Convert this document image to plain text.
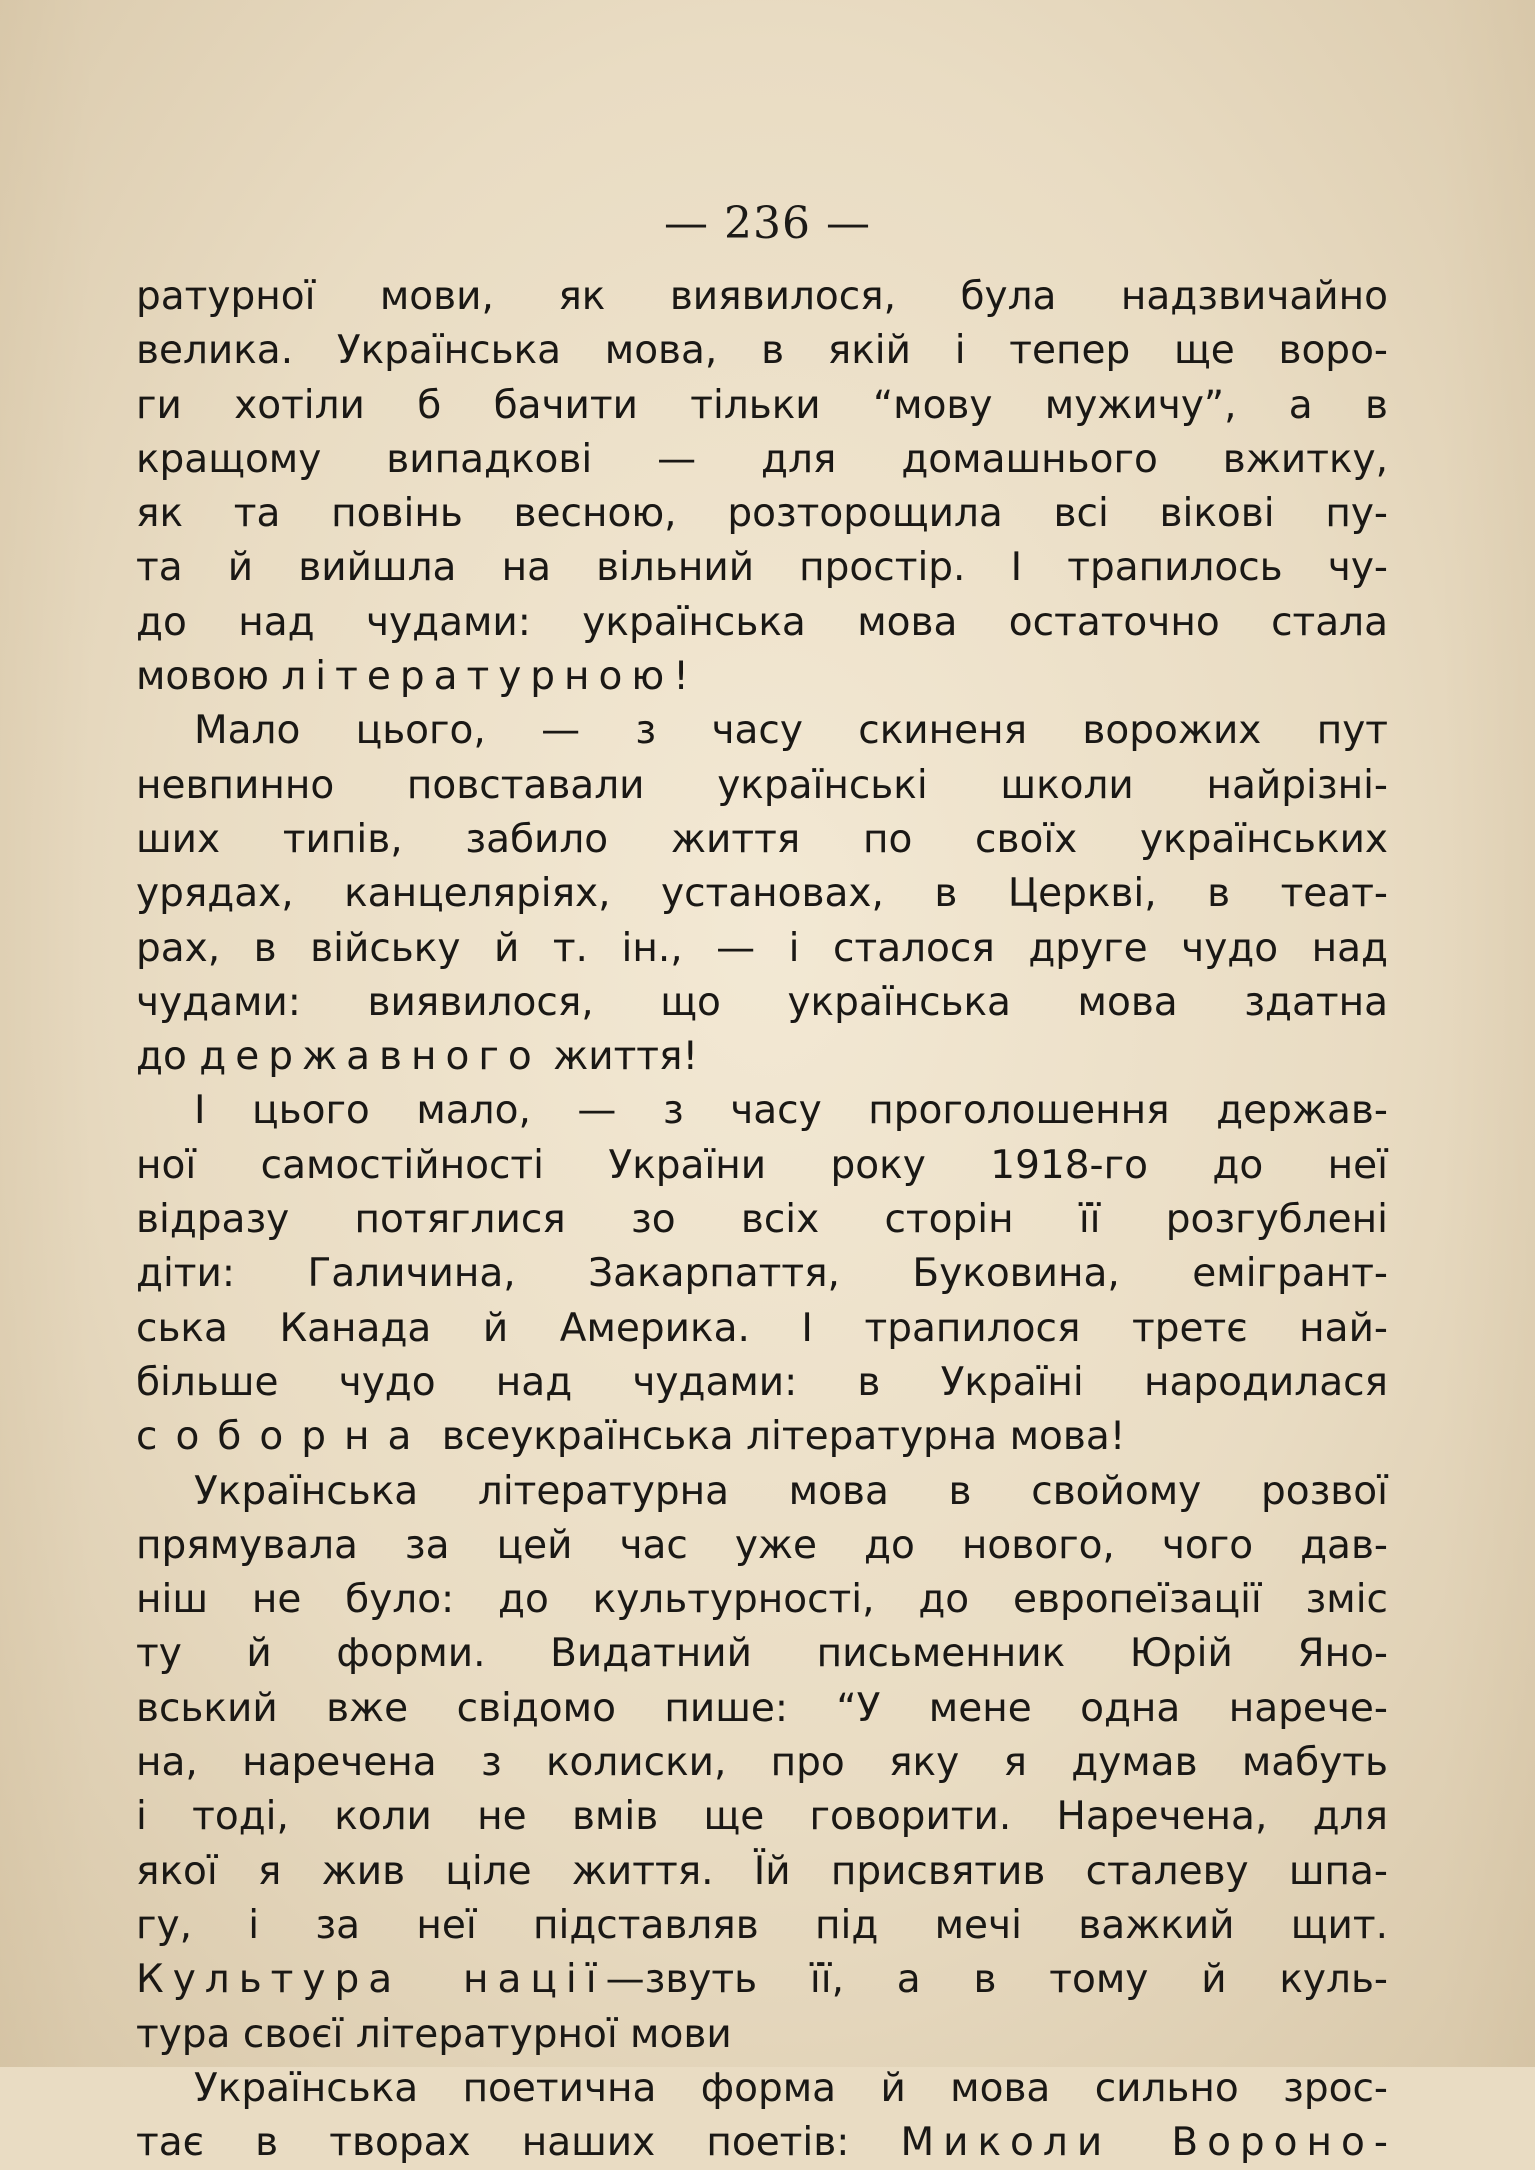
— 236 —
ратурної мови, як виявилося, була надзвичайно
велика. Українська мова, в якій і тепер ще воро-
ги хотіли б бачити тільки “мову мужичу”, а в
кращому випадкові — для домашнього вжитку,
як та повінь весною, розторощила всі вікові пу-
та й вийшла на вільний простір. І трапилось чу-
до над чудами: українська мова остаточно стала
мовою літературною!
Мало цього, — з часу скиненя ворожих пут
невпинно повставали українські школи найрізні-
ших типів, забило життя по своїх українських
урядах, канцеляріях, установах, в Церкві, в теат-
рах, в війську й т. ін., — і сталося друге чудо над
чудами: виявилося, що українська мова здатна
до державного життя!
І цього мало, — з часу проголошення держав-
ної самостійності України року 1918-го до неї
відразу потяглися зо всіх сторін її розгублені
діти: Галичина, Закарпаття, Буковина, емігрант-
ська Канада й Америка. І трапилося третє най-
більше чудо над чудами: в Україні народилася
соборна всеукраїнська літературна мова!
Українська літературна мова в свойому розвої
прямувала за цей час уже до нового, чого дав-
ніш не було: до культурності, до европеїзації зміс
ту й форми. Видатний письменник Юрій Яно-
вський вже свідомо пише: “У мене одна нарече-
на, наречена з колиски, про яку я думав мабуть
і тоді, коли не вмів ще говорити. Наречена, для
якої я жив ціле життя. Їй присвятив сталеву шпа-
гу, і за неї підставляв під мечі важкий щит.
Культура нації—звуть її, а в тому й куль-
тура своєї літературної мови
Українська поетична форма й мова сильно зрос-
тає в творах наших поетів: Миколи Вороно-
